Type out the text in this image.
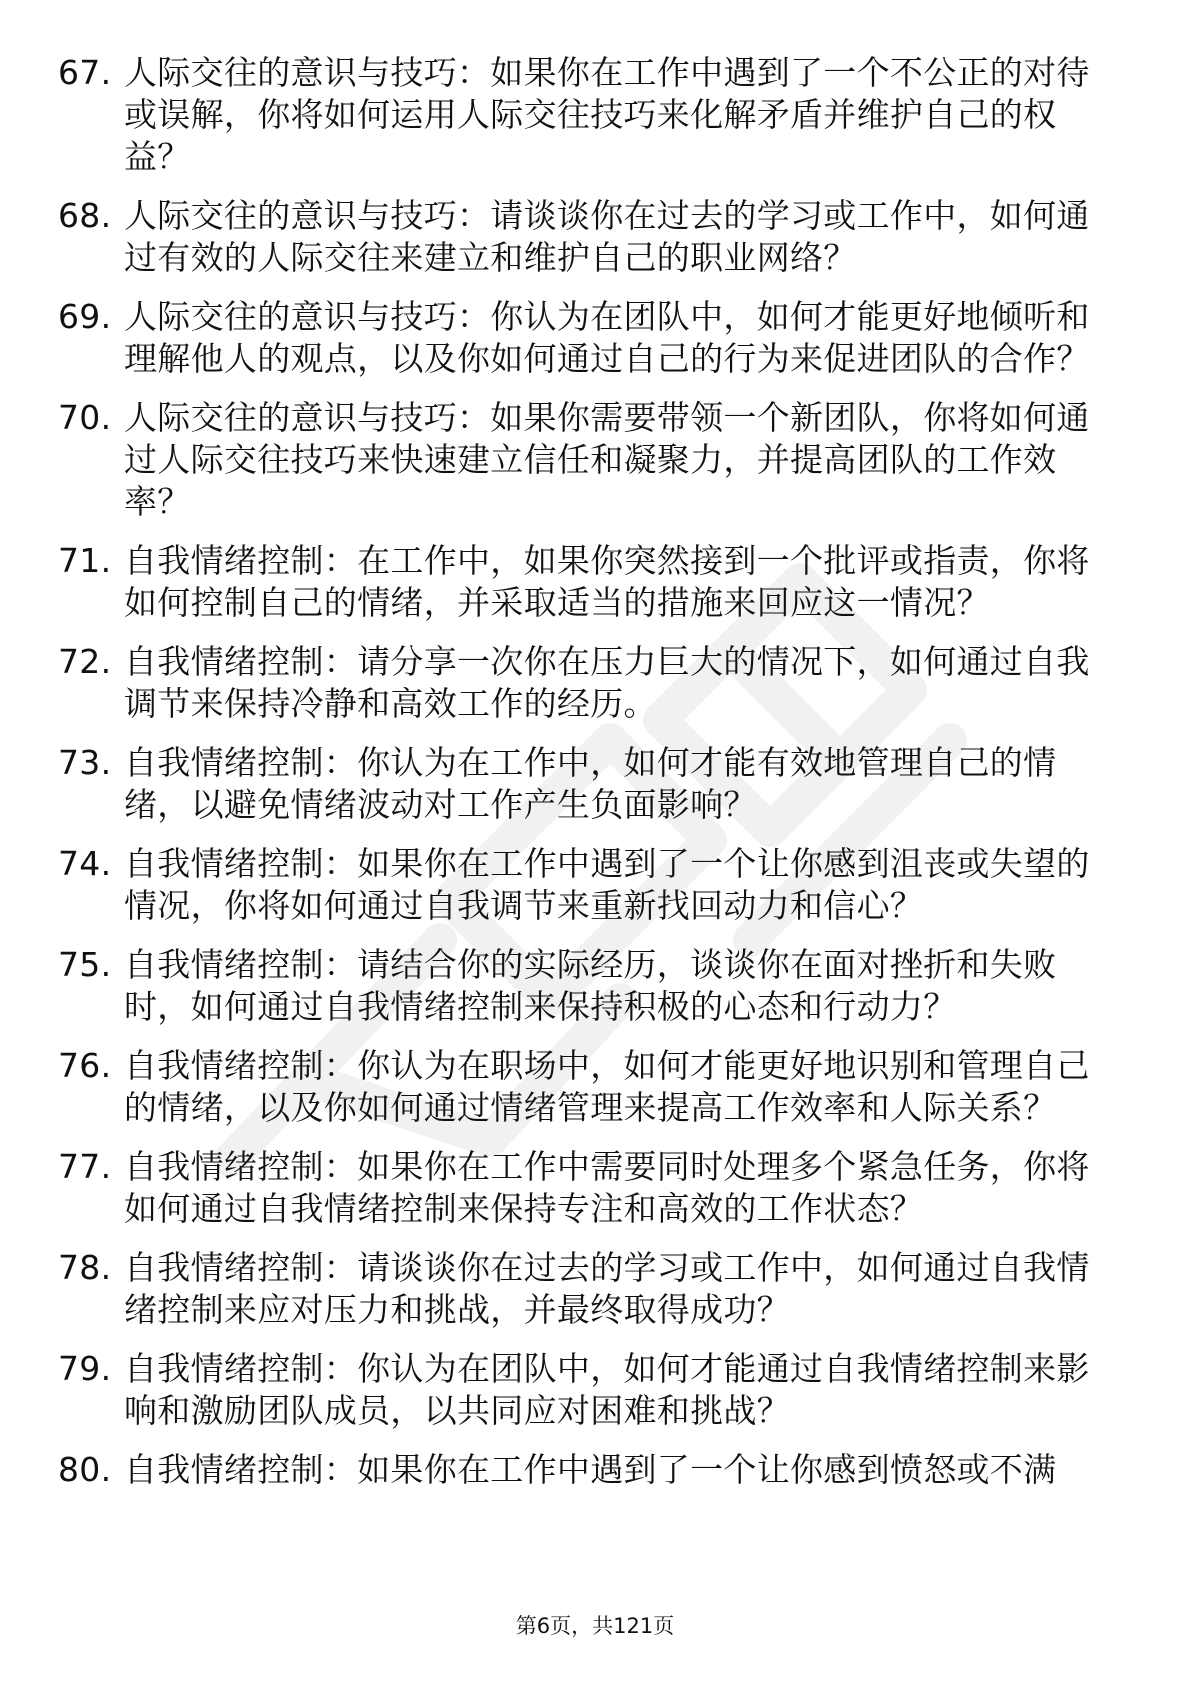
67. 人际交往的意识与技巧：如果你在工作中遇到了一个不公正的对待或误解，你将如何运用人际交往技巧来化解矛盾并维护自己的权益？
68. 人际交往的意识与技巧：请谈谈你在过去的学习或工作中，如何通过有效的人际交往来建立和维护自己的职业网络？
69. 人际交往的意识与技巧：你认为在团队中，如何才能更好地倾听和理解他人的观点，以及你如何通过自己的行为来促进团队的合作？
70. 人际交往的意识与技巧：如果你需要带领一个新团队，你将如何通过人际交往技巧来快速建立信任和凝聚力，并提高团队的工作效率？
71. 自我情绪控制：在工作中，如果你突然接到一个批评或指责，你将如何控制自己的情绪，并采取适当的措施来回应这一情况？
72. 自我情绪控制：请分享一次你在压力巨大的情况下，如何通过自我调节来保持冷静和高效工作的经历。
73. 自我情绪控制：你认为在工作中，如何才能有效地管理自己的情绪，以避免情绪波动对工作产生负面影响？
74. 自我情绪控制：如果你在工作中遇到了一个让你感到沮丧或失望的情况，你将如何通过自我调节来重新找回动力和信心？
75. 自我情绪控制：请结合你的实际经历，谈谈你在面对挫折和失败时，如何通过自我情绪控制来保持积极的心态和行动力？
76. 自我情绪控制：你认为在职场中，如何才能更好地识别和管理自己的情绪，以及你如何通过情绪管理来提高工作效率和人际关系？
77. 自我情绪控制：如果你在工作中需要同时处理多个紧急任务，你将如何通过自我情绪控制来保持专注和高效的工作状态？
78. 自我情绪控制：请谈谈你在过去的学习或工作中，如何通过自我情绪控制来应对压力和挑战，并最终取得成功？
79. 自我情绪控制：你认为在团队中，如何才能通过自我情绪控制来影响和激励团队成员，以共同应对困难和挑战？
80. 自我情绪控制：如果你在工作中遇到了一个让你感到愤怒或不满
第6页，共121页
